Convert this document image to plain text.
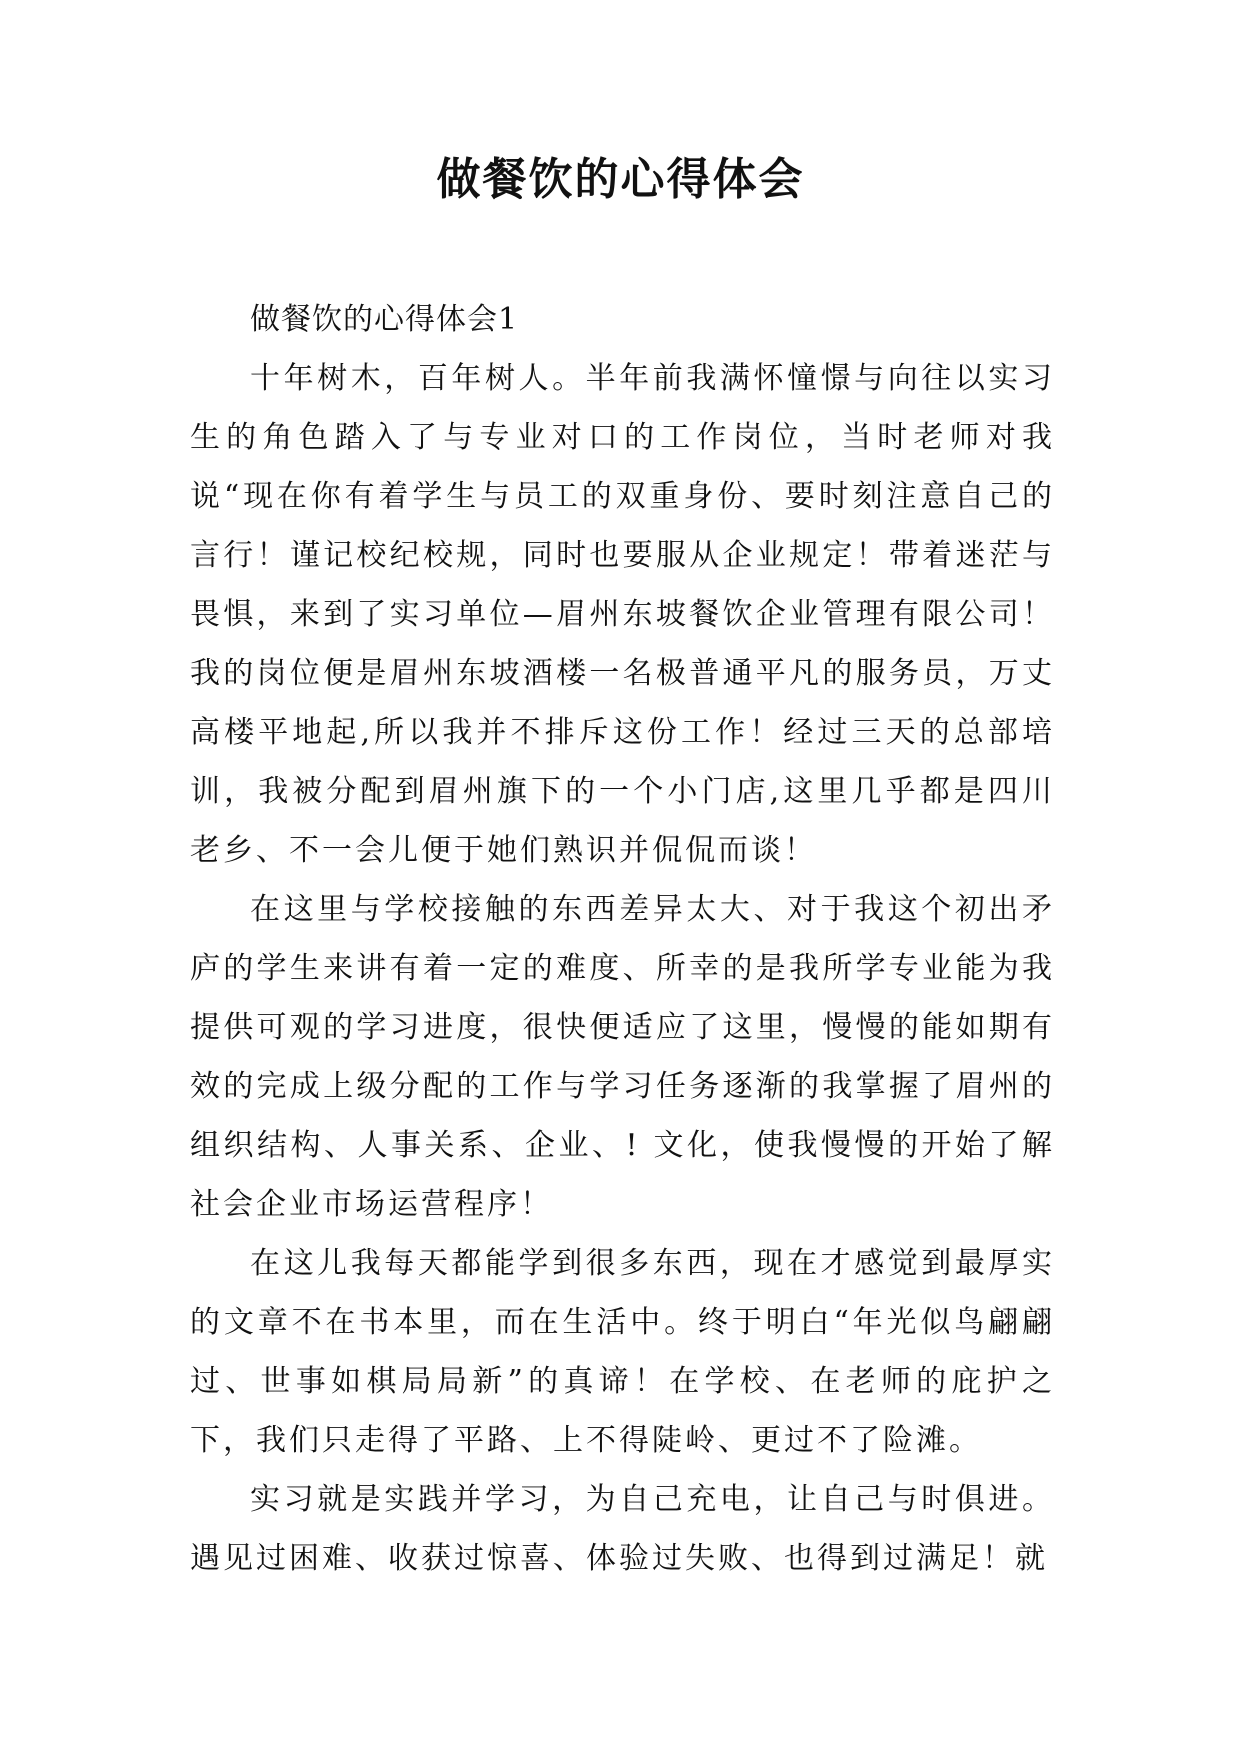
做餐饮的心得体会

做餐饮的心得体会1

十年树木，百年树人。半年前我满怀憧憬与向往以实习生的角色踏入了与专业对口的工作岗位，当时老师对我说“现在你有着学生与员工的双重身份、要时刻注意自己的言行！谨记校纪校规，同时也要服从企业规定！带着迷茫与畏惧，来到了实习单位—眉州东坡餐饮企业管理有限公司！我的岗位便是眉州东坡酒楼一名极普通平凡的服务员，万丈高楼平地起,所以我并不排斥这份工作！经过三天的总部培训，我被分配到眉州旗下的一个小门店,这里几乎都是四川老乡、不一会儿便于她们熟识并侃侃而谈！

在这里与学校接触的东西差异太大、对于我这个初出矛庐的学生来讲有着一定的难度、所幸的是我所学专业能为我提供可观的学习进度，很快便适应了这里，慢慢的能如期有效的完成上级分配的工作与学习任务逐渐的我掌握了眉州的组织结构、人事关系、企业、! 文化，使我慢慢的开始了解社会企业市场运营程序！

在这儿我每天都能学到很多东西，现在才感觉到最厚实的文章不在书本里，而在生活中。终于明白“年光似鸟翩翩过、世事如棋局局新”的真谛！在学校、在老师的庇护之下，我们只走得了平路、上不得陡岭、更过不了险滩。

实习就是实践并学习，为自己充电，让自己与时俱进。遇见过困难、收获过惊喜、体验过失败、也得到过满足！就
